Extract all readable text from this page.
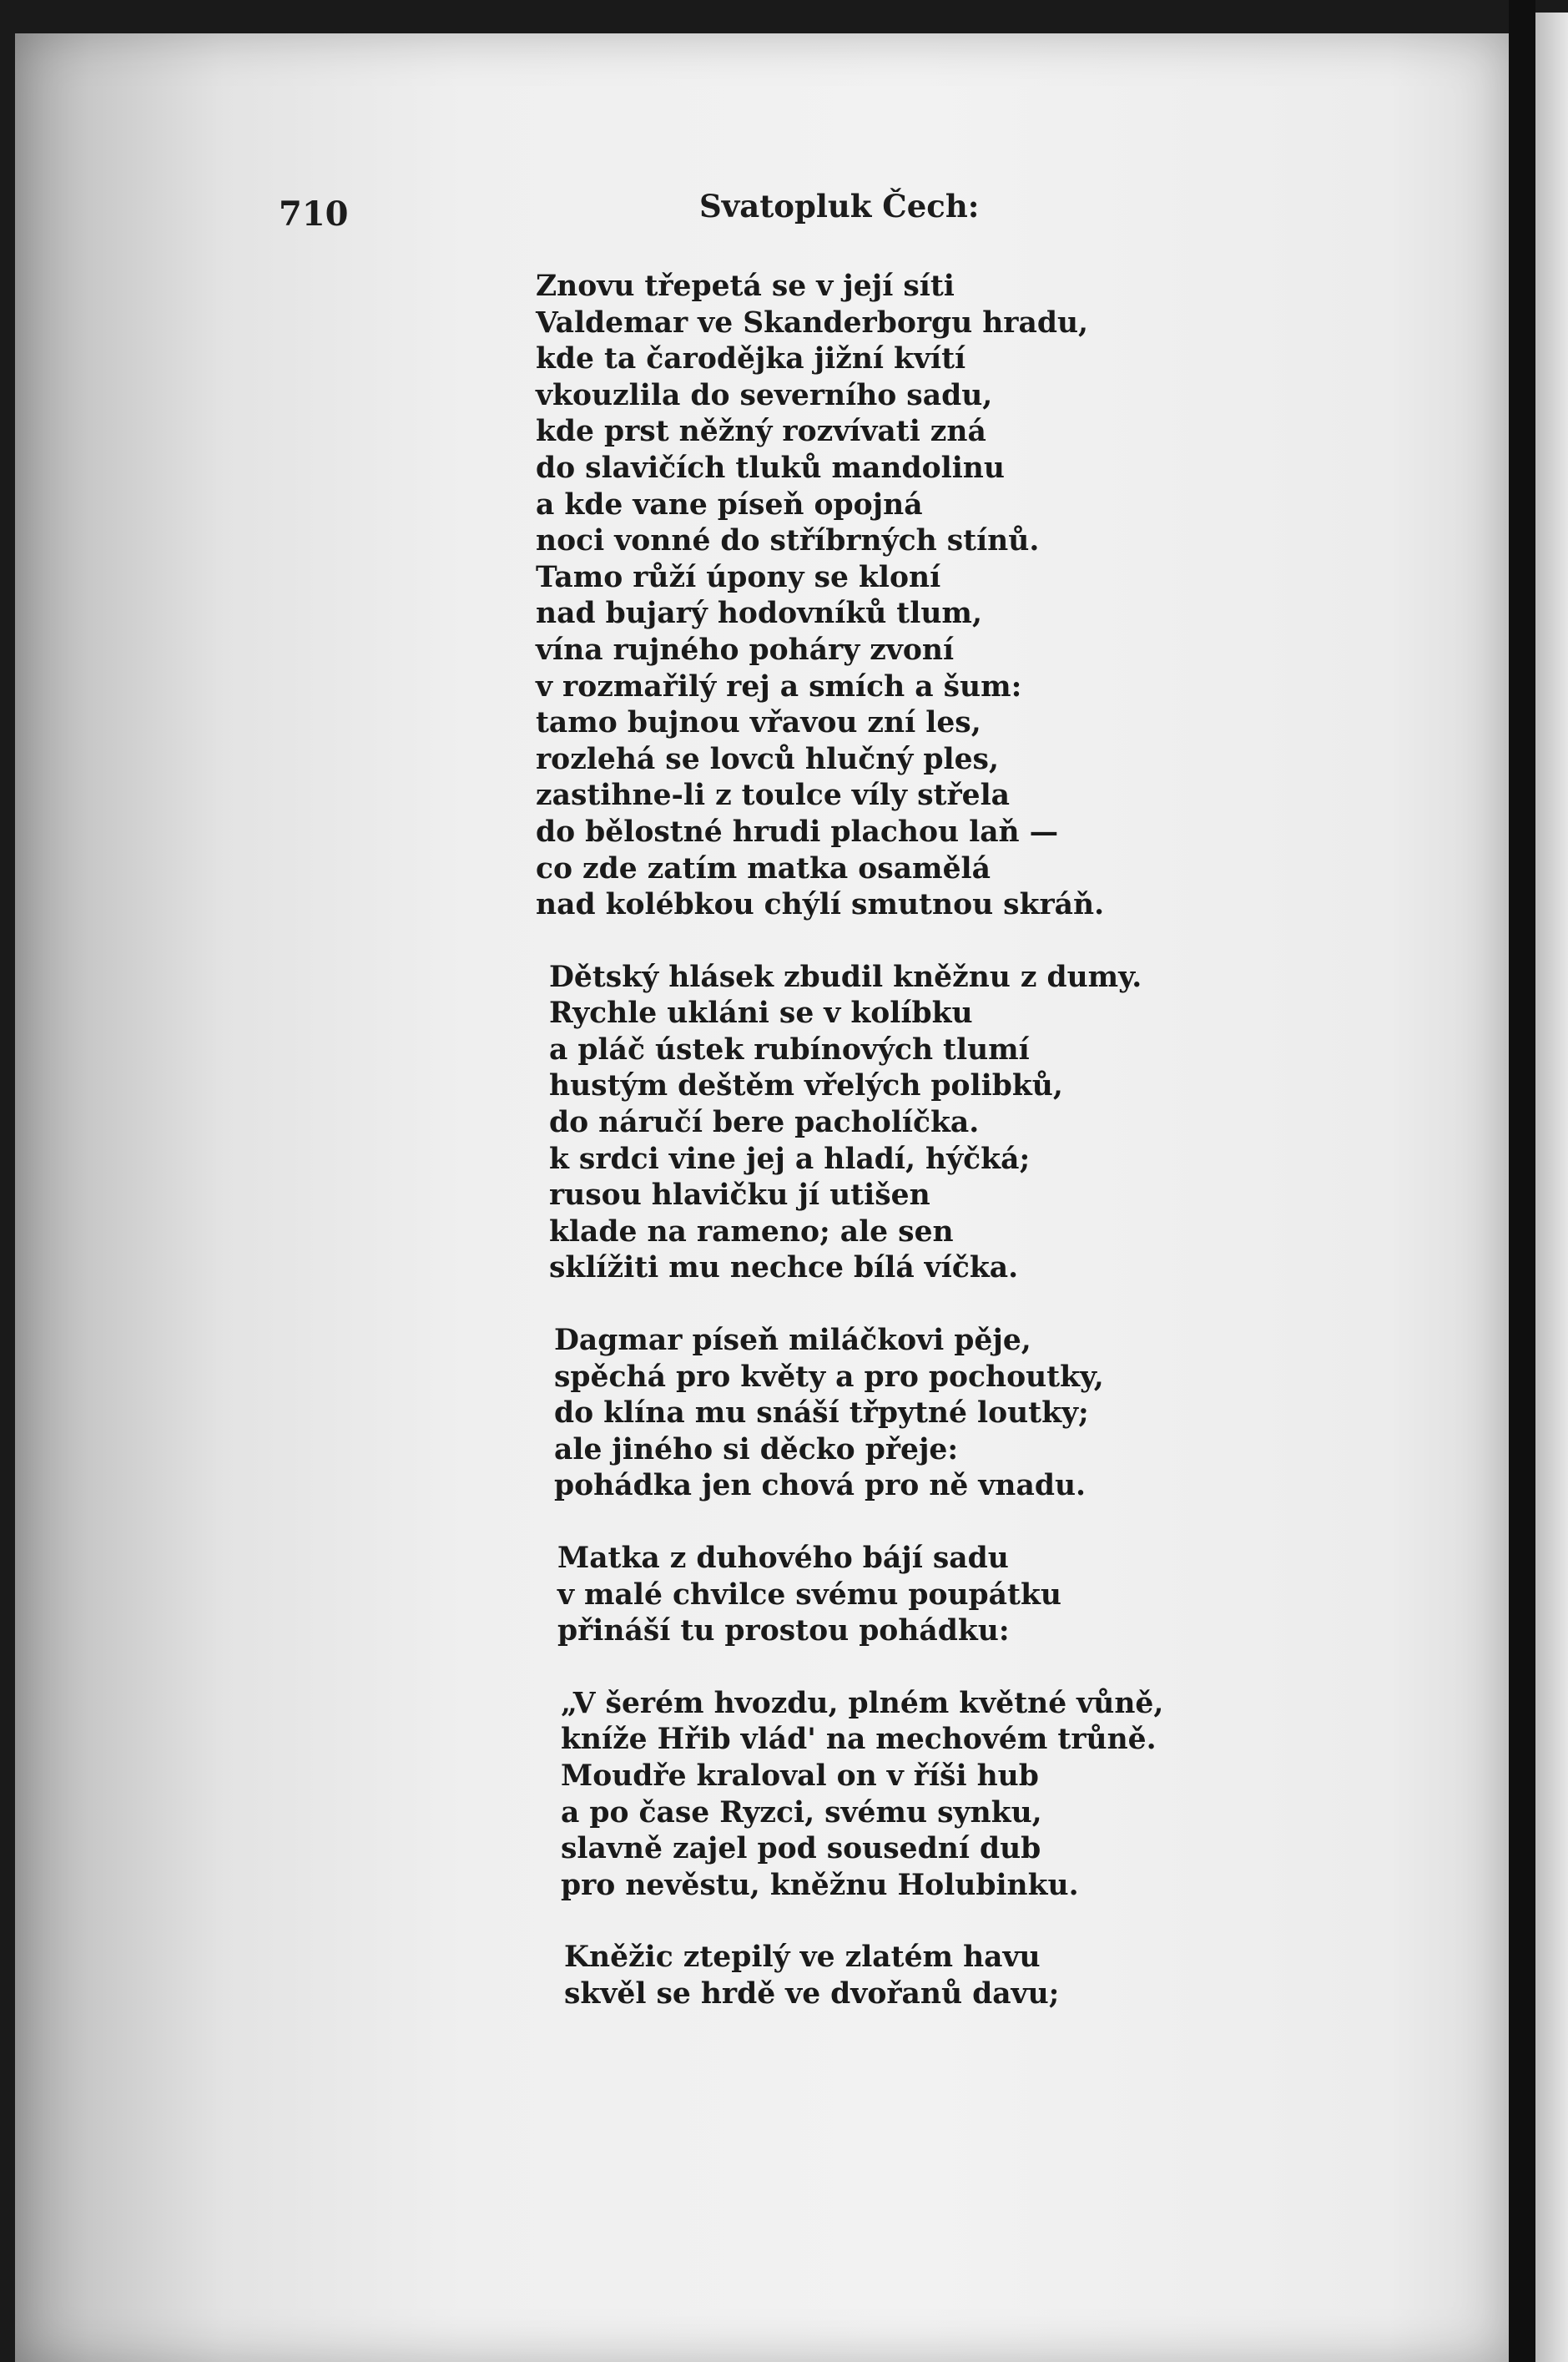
710	Svatopluk Čech:
Znovu třepetá se v její síti
Valdemar ve Skanderborgu hradu,
kde ta čarodějka jižní kvítí
vkouzlila do severního sadu,
kde prst něžný rozvívati zná
do slavičích tluků mandolinu
a kde vane píseň opojná
noci vonné do stříbrných stínů.
Tamo růží úpony se kloní
nad bujarý hodovníků tlum,
vína rujného poháry zvoní
v rozmařilý rej a smích a šum:
tamo bujnou vřavou zní les,
rozlehá se lovců hlučný ples,
zastihne-li z toulce víly střela
do bělostné hrudi plachou laň —
co zde zatím matka osamělá
nad kolébkou chýlí smutnou skráň.
Dětský hlásek zbudil kněžnu z dumy.
Rychle ukláni se v kolíbku
a pláč ústek rubínových tlumí
hustým deštěm vřelých polibků,
do náručí bere pacholíčka.
k srdci vine jej a hladí, hýčká;
rusou hlavičku jí utišen
klade na rameno; ale sen
sklížiti mu nechce bílá víčka.
Dagmar píseň miláčkovi pěje,
spěchá pro květy a pro pochoutky,
do klína mu snáší třpytné loutky;
ale jiného si děcko přeje:
pohádka jen chová pro ně vnadu.
Matka z duhového bájí sadu
v malé chvilce svému poupátku
přináší tu prostou pohádku:
„V šerém hvozdu, plném květné vůně,
kníže Hřib vlád' na mechovém trůně.
Moudře kraloval on v říši hub
a po čase Ryzci, svému synku,
slavně zajel pod sousední dub
pro nevěstu, kněžnu Holubinku.
Kněžic ztepilý ve zlatém havu
skvěl se hrdě ve dvořanů davu;
